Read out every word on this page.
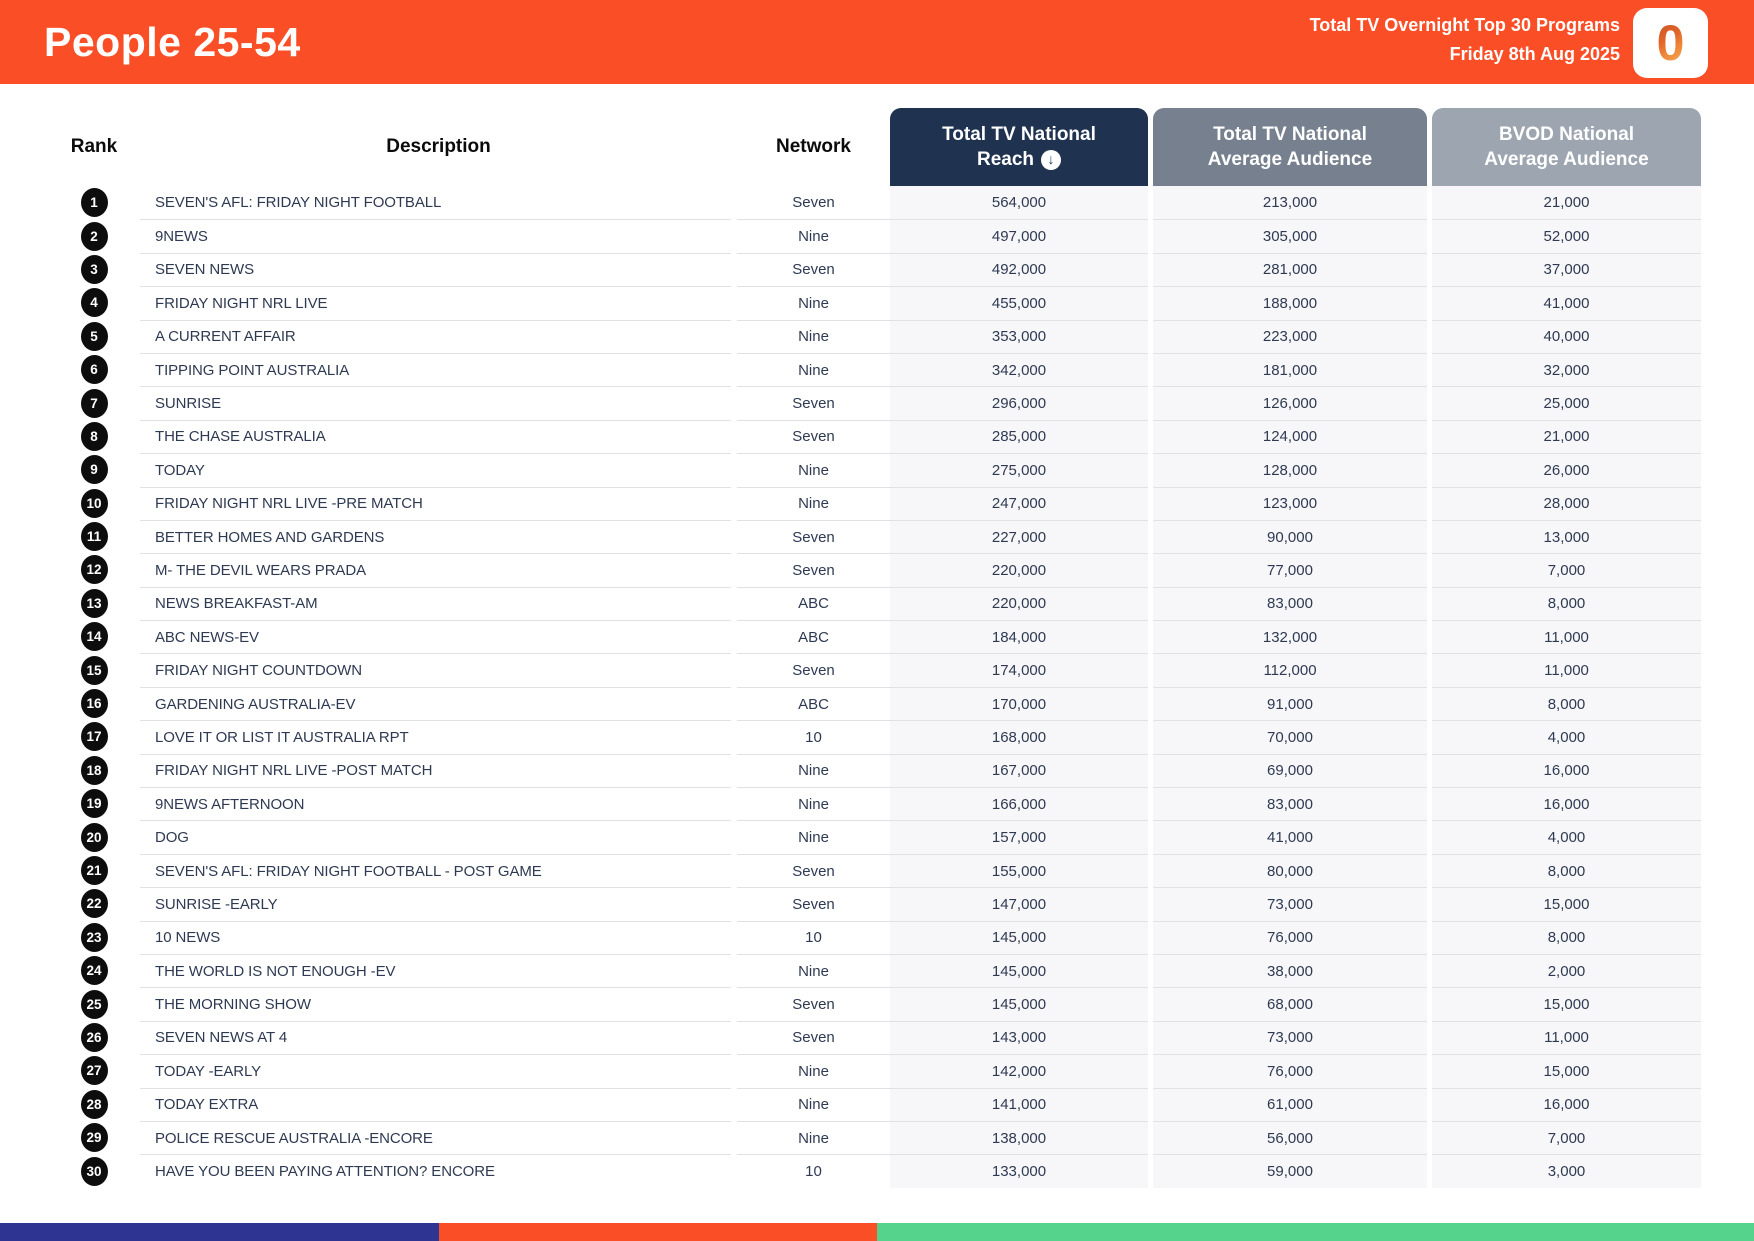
People 25-54	Total TV Overnight Top 30 Programs
Friday 8th Aug 2025 0
Rank	Description	Network
Total TV National
Reach ↓
Total TV National
Average Audience
BVOD National
Average Audience
1	SEVEN'S AFL: FRIDAY NIGHT FOOTBALL	Seven	564,000	213,000	21,000
2	9NEWS	Nine	497,000	305,000	52,000
3	SEVEN NEWS	Seven	492,000	281,000	37,000
4	FRIDAY NIGHT NRL LIVE	Nine	455,000	188,000	41,000
5	A CURRENT AFFAIR	Nine	353,000	223,000	40,000
6	TIPPING POINT AUSTRALIA	Nine	342,000	181,000	32,000
7	SUNRISE	Seven	296,000	126,000	25,000
8	THE CHASE AUSTRALIA	Seven	285,000	124,000	21,000
9	TODAY	Nine	275,000	128,000	26,000
10	FRIDAY NIGHT NRL LIVE -PRE MATCH	Nine	247,000	123,000	28,000
11	BETTER HOMES AND GARDENS	Seven	227,000	90,000	13,000
12	M- THE DEVIL WEARS PRADA	Seven	220,000	77,000	7,000
13	NEWS BREAKFAST-AM	ABC	220,000	83,000	8,000
14	ABC NEWS-EV	ABC	184,000	132,000	11,000
15	FRIDAY NIGHT COUNTDOWN	Seven	174,000	112,000	11,000
16	GARDENING AUSTRALIA-EV	ABC	170,000	91,000	8,000
17	LOVE IT OR LIST IT AUSTRALIA RPT	10	168,000	70,000	4,000
18	FRIDAY NIGHT NRL LIVE -POST MATCH	Nine	167,000	69,000	16,000
19	9NEWS AFTERNOON	Nine	166,000	83,000	16,000
20	DOG	Nine	157,000	41,000	4,000
21	SEVEN'S AFL: FRIDAY NIGHT FOOTBALL - POST GAME	Seven	155,000	80,000	8,000
22	SUNRISE -EARLY	Seven	147,000	73,000	15,000
23	10 NEWS	10	145,000	76,000	8,000
24	THE WORLD IS NOT ENOUGH -EV	Nine	145,000	38,000	2,000
25	THE MORNING SHOW	Seven	145,000	68,000	15,000
26	SEVEN NEWS AT 4	Seven	143,000	73,000	11,000
27	TODAY -EARLY	Nine	142,000	76,000	15,000
28	TODAY EXTRA	Nine	141,000	61,000	16,000
29	POLICE RESCUE AUSTRALIA -ENCORE	Nine	138,000	56,000	7,000
30	HAVE YOU BEEN PAYING ATTENTION? ENCORE	10	133,000	59,000	3,000
